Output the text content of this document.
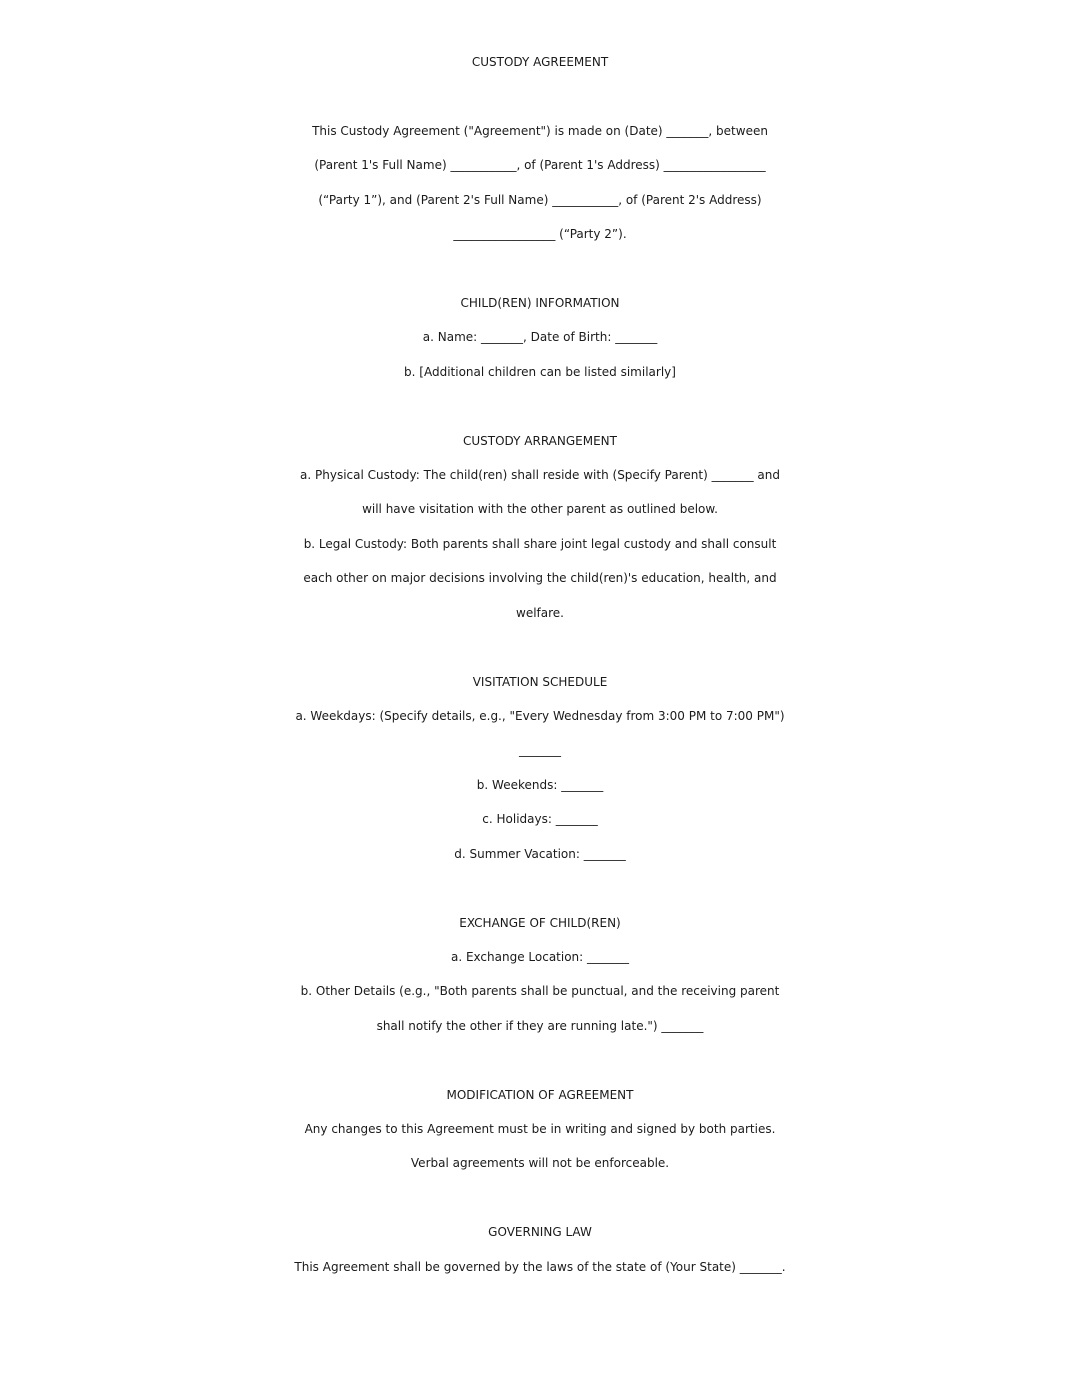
CUSTODY AGREEMENT
This Custody Agreement ("Agreement") is made on (Date) _______, between
(Parent 1's Full Name) ___________, of (Parent 1's Address) _________________
(“Party 1”), and (Parent 2's Full Name) ___________, of (Parent 2's Address)
_________________ (“Party 2”).
CHILD(REN) INFORMATION
a. Name: _______, Date of Birth: _______
b. [Additional children can be listed similarly]
CUSTODY ARRANGEMENT
a. Physical Custody: The child(ren) shall reside with (Specify Parent) _______ and
will have visitation with the other parent as outlined below.
b. Legal Custody: Both parents shall share joint legal custody and shall consult
each other on major decisions involving the child(ren)'s education, health, and
welfare.
VISITATION SCHEDULE
a. Weekdays: (Specify details, e.g., "Every Wednesday from 3:00 PM to 7:00 PM")
_______
b. Weekends: _______
c. Holidays: _______
d. Summer Vacation: _______
EXCHANGE OF CHILD(REN)
a. Exchange Location: _______
b. Other Details (e.g., "Both parents shall be punctual, and the receiving parent
shall notify the other if they are running late.") _______
MODIFICATION OF AGREEMENT
Any changes to this Agreement must be in writing and signed by both parties.
Verbal agreements will not be enforceable.
GOVERNING LAW
This Agreement shall be governed by the laws of the state of (Your State) _______.
